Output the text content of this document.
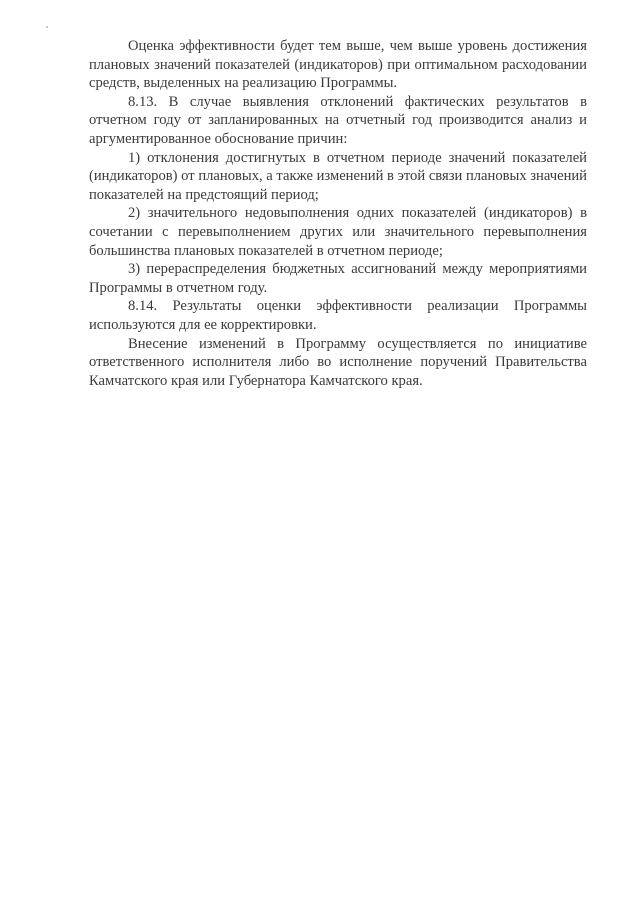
Оценка эффективности будет тем выше, чем выше уровень достижения плановых значений показателей (индикаторов) при оптимальном расходовании средств, выделенных на реализацию Программы.

8.13. В случае выявления отклонений фактических результатов в отчетном году от запланированных на отчетный год производится анализ и аргументированное обоснование причин:

1) отклонения достигнутых в отчетном периоде значений показателей (индикаторов) от плановых, а также изменений в этой связи плановых значений показателей на предстоящий период;

2) значительного недовыполнения одних показателей (индикаторов) в сочетании с перевыполнением других или значительного перевыполнения большинства плановых показателей в отчетном периоде;

3) перераспределения бюджетных ассигнований между мероприятиями Программы в отчетном году.

8.14. Результаты оценки эффективности реализации Программы используются для ее корректировки.

Внесение изменений в Программу осуществляется по инициативе ответственного исполнителя либо во исполнение поручений Правительства Камчатского края или Губернатора Камчатского края.
